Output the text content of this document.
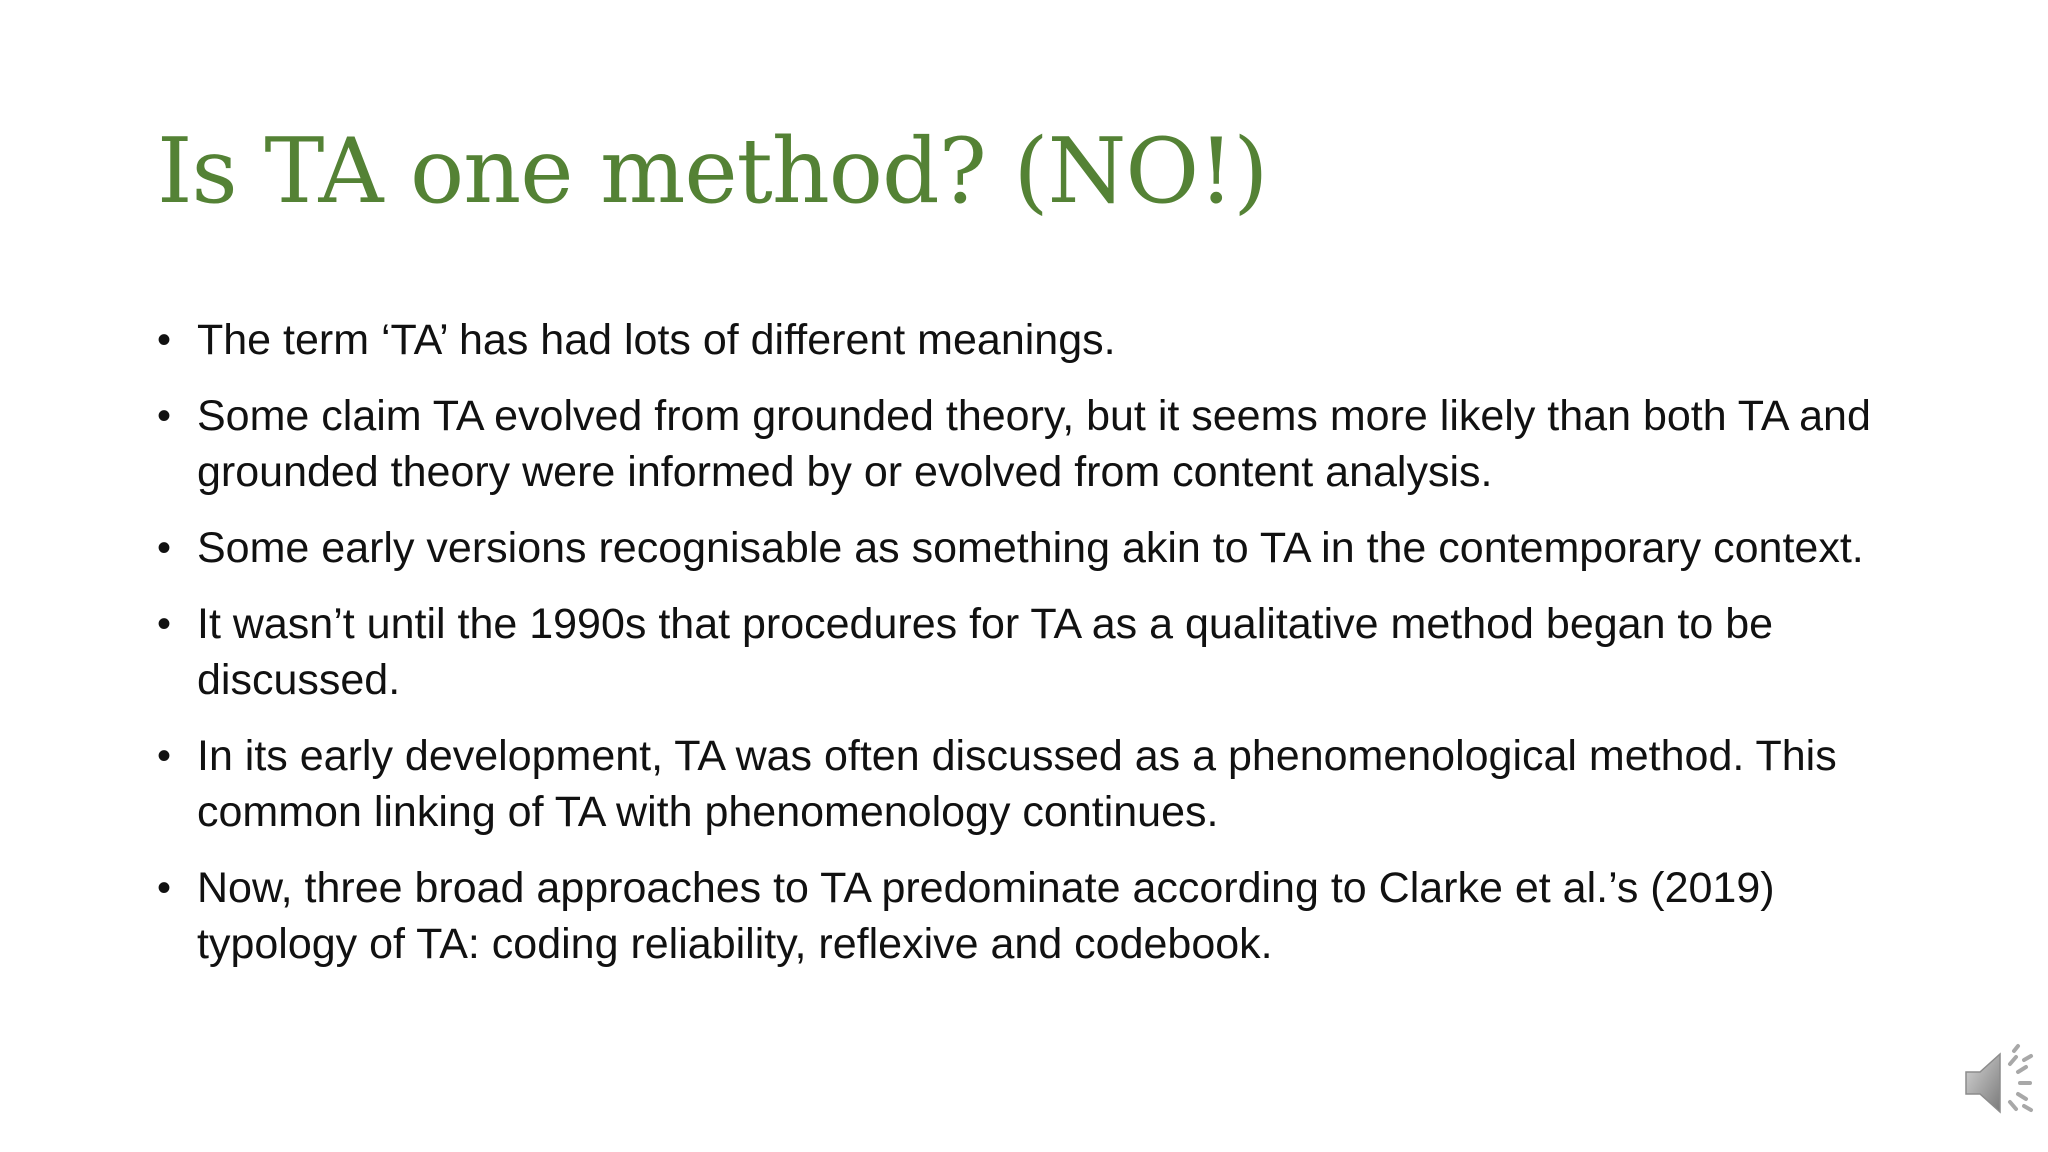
Is TA one method? (NO!)
• The term ‘TA’ has had lots of different meanings.
• Some claim TA evolved from grounded theory, but it seems more likely than both TA and grounded theory were informed by or evolved from content analysis.
• Some early versions recognisable as something akin to TA in the contemporary context.
• It wasn’t until the 1990s that procedures for TA as a qualitative method began to be discussed.
• In its early development, TA was often discussed as a phenomenological method. This common linking of TA with phenomenology continues.
• Now, three broad approaches to TA predominate according to Clarke et al.’s (2019) typology of TA: coding reliability, reflexive and codebook.
